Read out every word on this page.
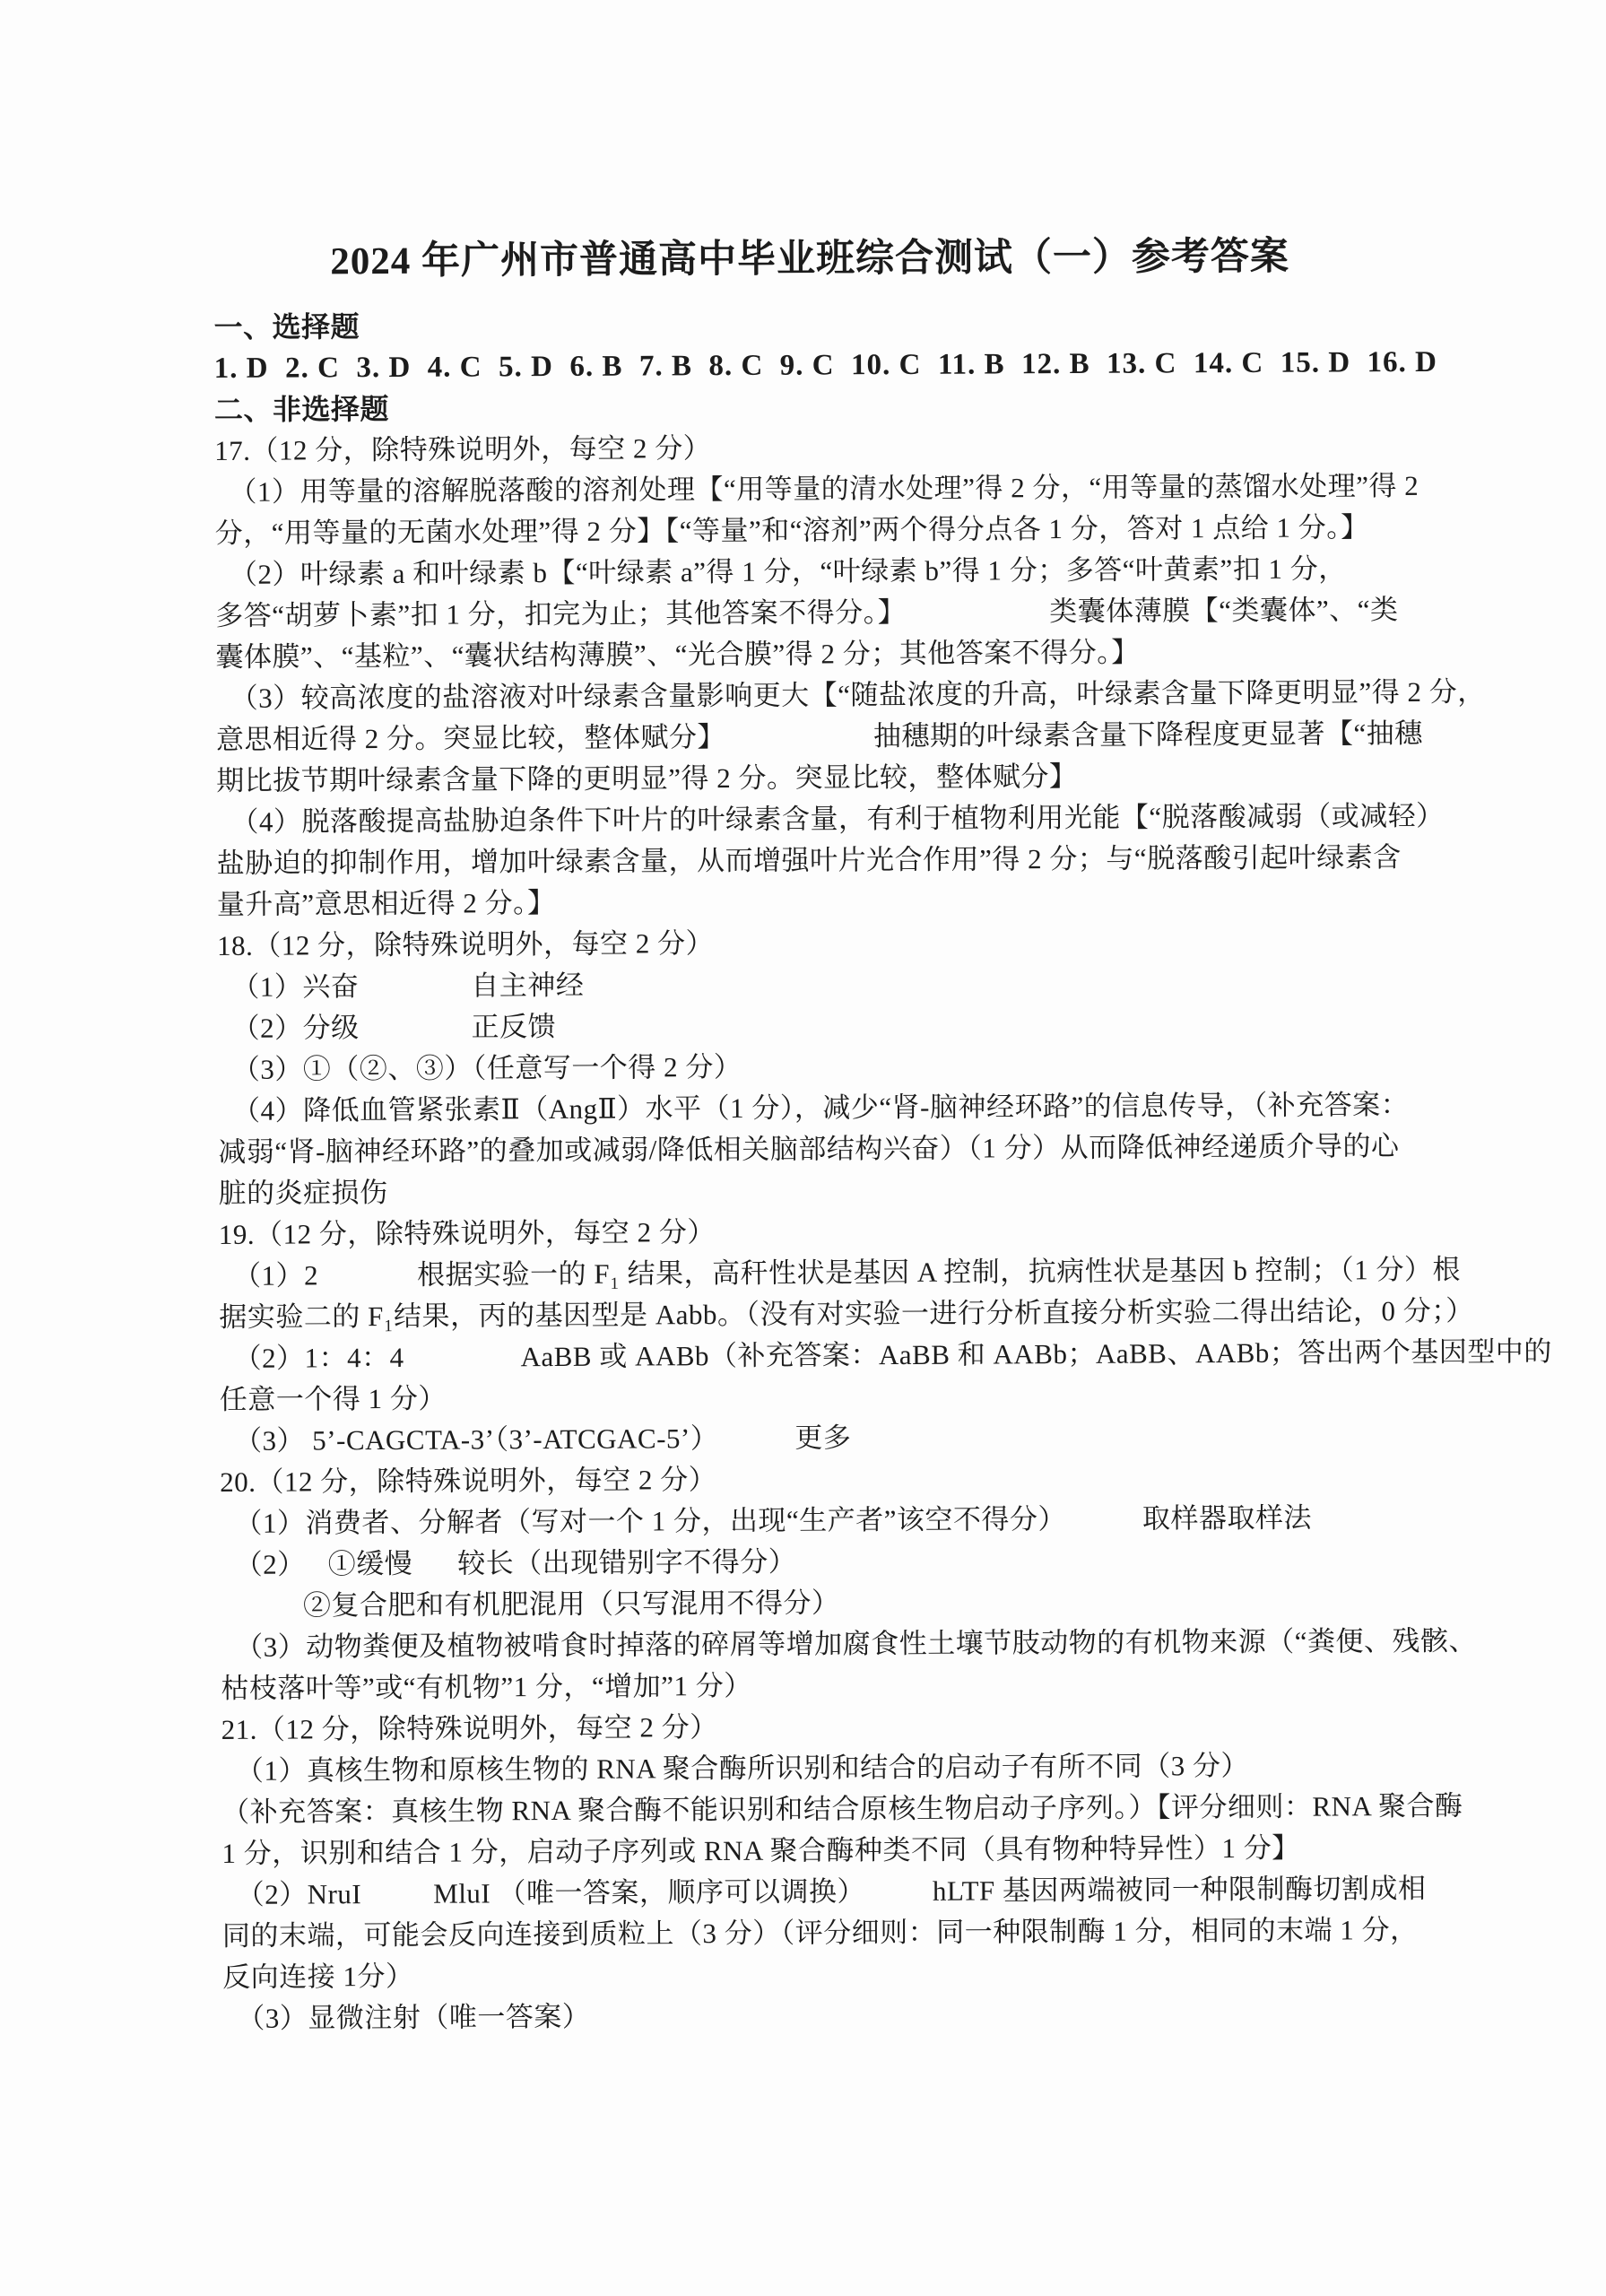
2024 年广州市普通高中毕业班综合测试（一）参考答案
一、选择题
1. D  2. C  3. D  4. C  5. D  6. B  7. B  8. C  9. C  10. C  11. B  12. B  13. C  14. C  15. D  16. D
二、非选择题
17.（12 分，除特殊说明外，每空 2 分）
（1）用等量的溶解脱落酸的溶剂处理【“用等量的清水处理”得 2 分，“用等量的蒸馏水处理”得 2
分，“用等量的无菌水处理”得 2 分】【“等量”和“溶剂”两个得分点各 1 分，答对 1 点给 1 分。】
（2）叶绿素 a 和叶绿素 b【“叶绿素 a”得 1 分，“叶绿素 b”得 1 分；多答“叶黄素”扣 1 分，
多答“胡萝卜素”扣 1 分，扣完为止；其他答案不得分。】	类囊体薄膜【“类囊体”、“类
囊体膜”、“基粒”、“囊状结构薄膜”、“光合膜”得 2 分；其他答案不得分。】
（3）较高浓度的盐溶液对叶绿素含量影响更大【“随盐浓度的升高，叶绿素含量下降更明显”得 2 分，
意思相近得 2 分。突显比较，整体赋分】	抽穗期的叶绿素含量下降程度更显著【“抽穗
期比拔节期叶绿素含量下降的更明显”得 2 分。突显比较，整体赋分】
（4）脱落酸提高盐胁迫条件下叶片的叶绿素含量，有利于植物利用光能【“脱落酸减弱（或减轻）
盐胁迫的抑制作用，增加叶绿素含量，从而增强叶片光合作用”得 2 分；与“脱落酸引起叶绿素含
量升高”意思相近得 2 分。】
18.（12 分，除特殊说明外，每空 2 分）
（1）兴奋	自主神经
（2）分级	正反馈
（3）①（②、③）（任意写一个得 2 分）
（4）降低血管紧张素Ⅱ（AngⅡ）水平（1 分），减少“肾-脑神经环路”的信息传导，（补充答案：
减弱“肾-脑神经环路”的叠加或减弱/降低相关脑部结构兴奋）（1 分）从而降低神经递质介导的心
脏的炎症损伤
19.（12 分，除特殊说明外，每空 2 分）
（1）2	根据实验一的 F₁ 结果，高秆性状是基因 A 控制，抗病性状是基因 b 控制；（1 分）根
据实验二的 F₁结果，丙的基因型是 Aabb。（没有对实验一进行分析直接分析实验二得出结论，0 分；）
（2）1：4：4	AaBB 或 AABb（补充答案：AaBB 和 AABb；AaBB、AABb；答出两个基因型中的
任意一个得 1 分）
（3） 5’-CAGCTA-3’（3’-ATCGAC-5’）	更多
20.（12 分，除特殊说明外，每空 2 分）
（1）消费者、分解者（写对一个 1 分，出现“生产者”该空不得分）	取样器取样法
（2） ①缓慢 较长（出现错别字不得分）
②复合肥和有机肥混用（只写混用不得分）
（3）动物粪便及植物被啃食时掉落的碎屑等增加腐食性土壤节肢动物的有机物来源（“粪便、残骸、
枯枝落叶等”或“有机物”1 分，“增加”1 分）
21.（12 分，除特殊说明外，每空 2 分）
（1）真核生物和原核生物的 RNA 聚合酶所识别和结合的启动子有所不同（3 分）
（补充答案：真核生物 RNA 聚合酶不能识别和结合原核生物启动子序列。）【评分细则：RNA 聚合酶
1 分，识别和结合 1 分，启动子序列或 RNA 聚合酶种类不同（具有物种特异性）1 分】
（2）NruI	MluI （唯一答案，顺序可以调换） hLTF 基因两端被同一种限制酶切割成相
同的末端，可能会反向连接到质粒上（3 分）（评分细则：同一种限制酶 1 分，相同的末端 1 分，
反向连接 1分）
（3）显微注射（唯一答案）
